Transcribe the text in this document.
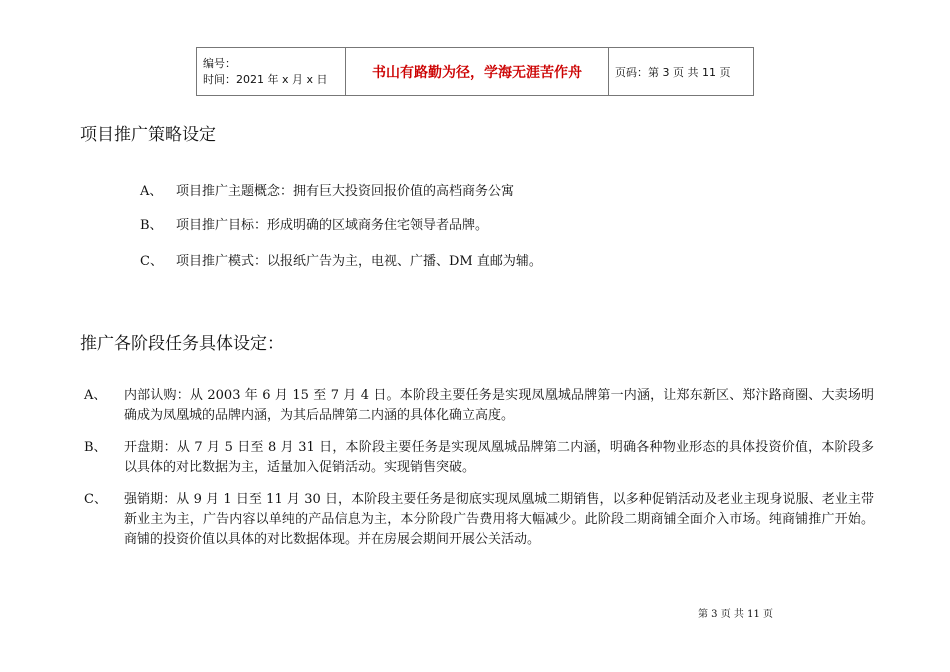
编号：
时间：2021 年 x 月 x 日	书山有路勤为径，学海无涯苦作舟	页码：第 3 页 共 11 页
项目推广策略设定
A、 项目推广主题概念：拥有巨大投资回报价值的高档商务公寓
B、 项目推广目标：形成明确的区域商务住宅领导者品牌。
C、 项目推广模式：以报纸广告为主，电视、广播、DM 直邮为辅。
推广各阶段任务具体设定：
A、 内部认购：从 2003 年 6 月 15 至 7 月 4 日。本阶段主要任务是实现凤凰城品牌第一内涵，让郑东新区、郑汴路商圈、大卖场明确成为凤凰城的品牌内涵，为其后品牌第二内涵的具体化确立高度。
B、 开盘期：从 7 月 5 日至 8 月 31 日，本阶段主要任务是实现凤凰城品牌第二内涵，明确各种物业形态的具体投资价值，本阶段多以具体的对比数据为主，适量加入促销活动。实现销售突破。
C、 强销期：从 9 月 1 日至 11 月 30 日，本阶段主要任务是彻底实现凤凰城二期销售，以多种促销活动及老业主现身说服、老业主带新业主为主，广告内容以单纯的产品信息为主，本分阶段广告费用将大幅减少。此阶段二期商铺全面介入市场。纯商铺推广开始。商铺的投资价值以具体的对比数据体现。并在房展会期间开展公关活动。
第 3 页 共 11 页
